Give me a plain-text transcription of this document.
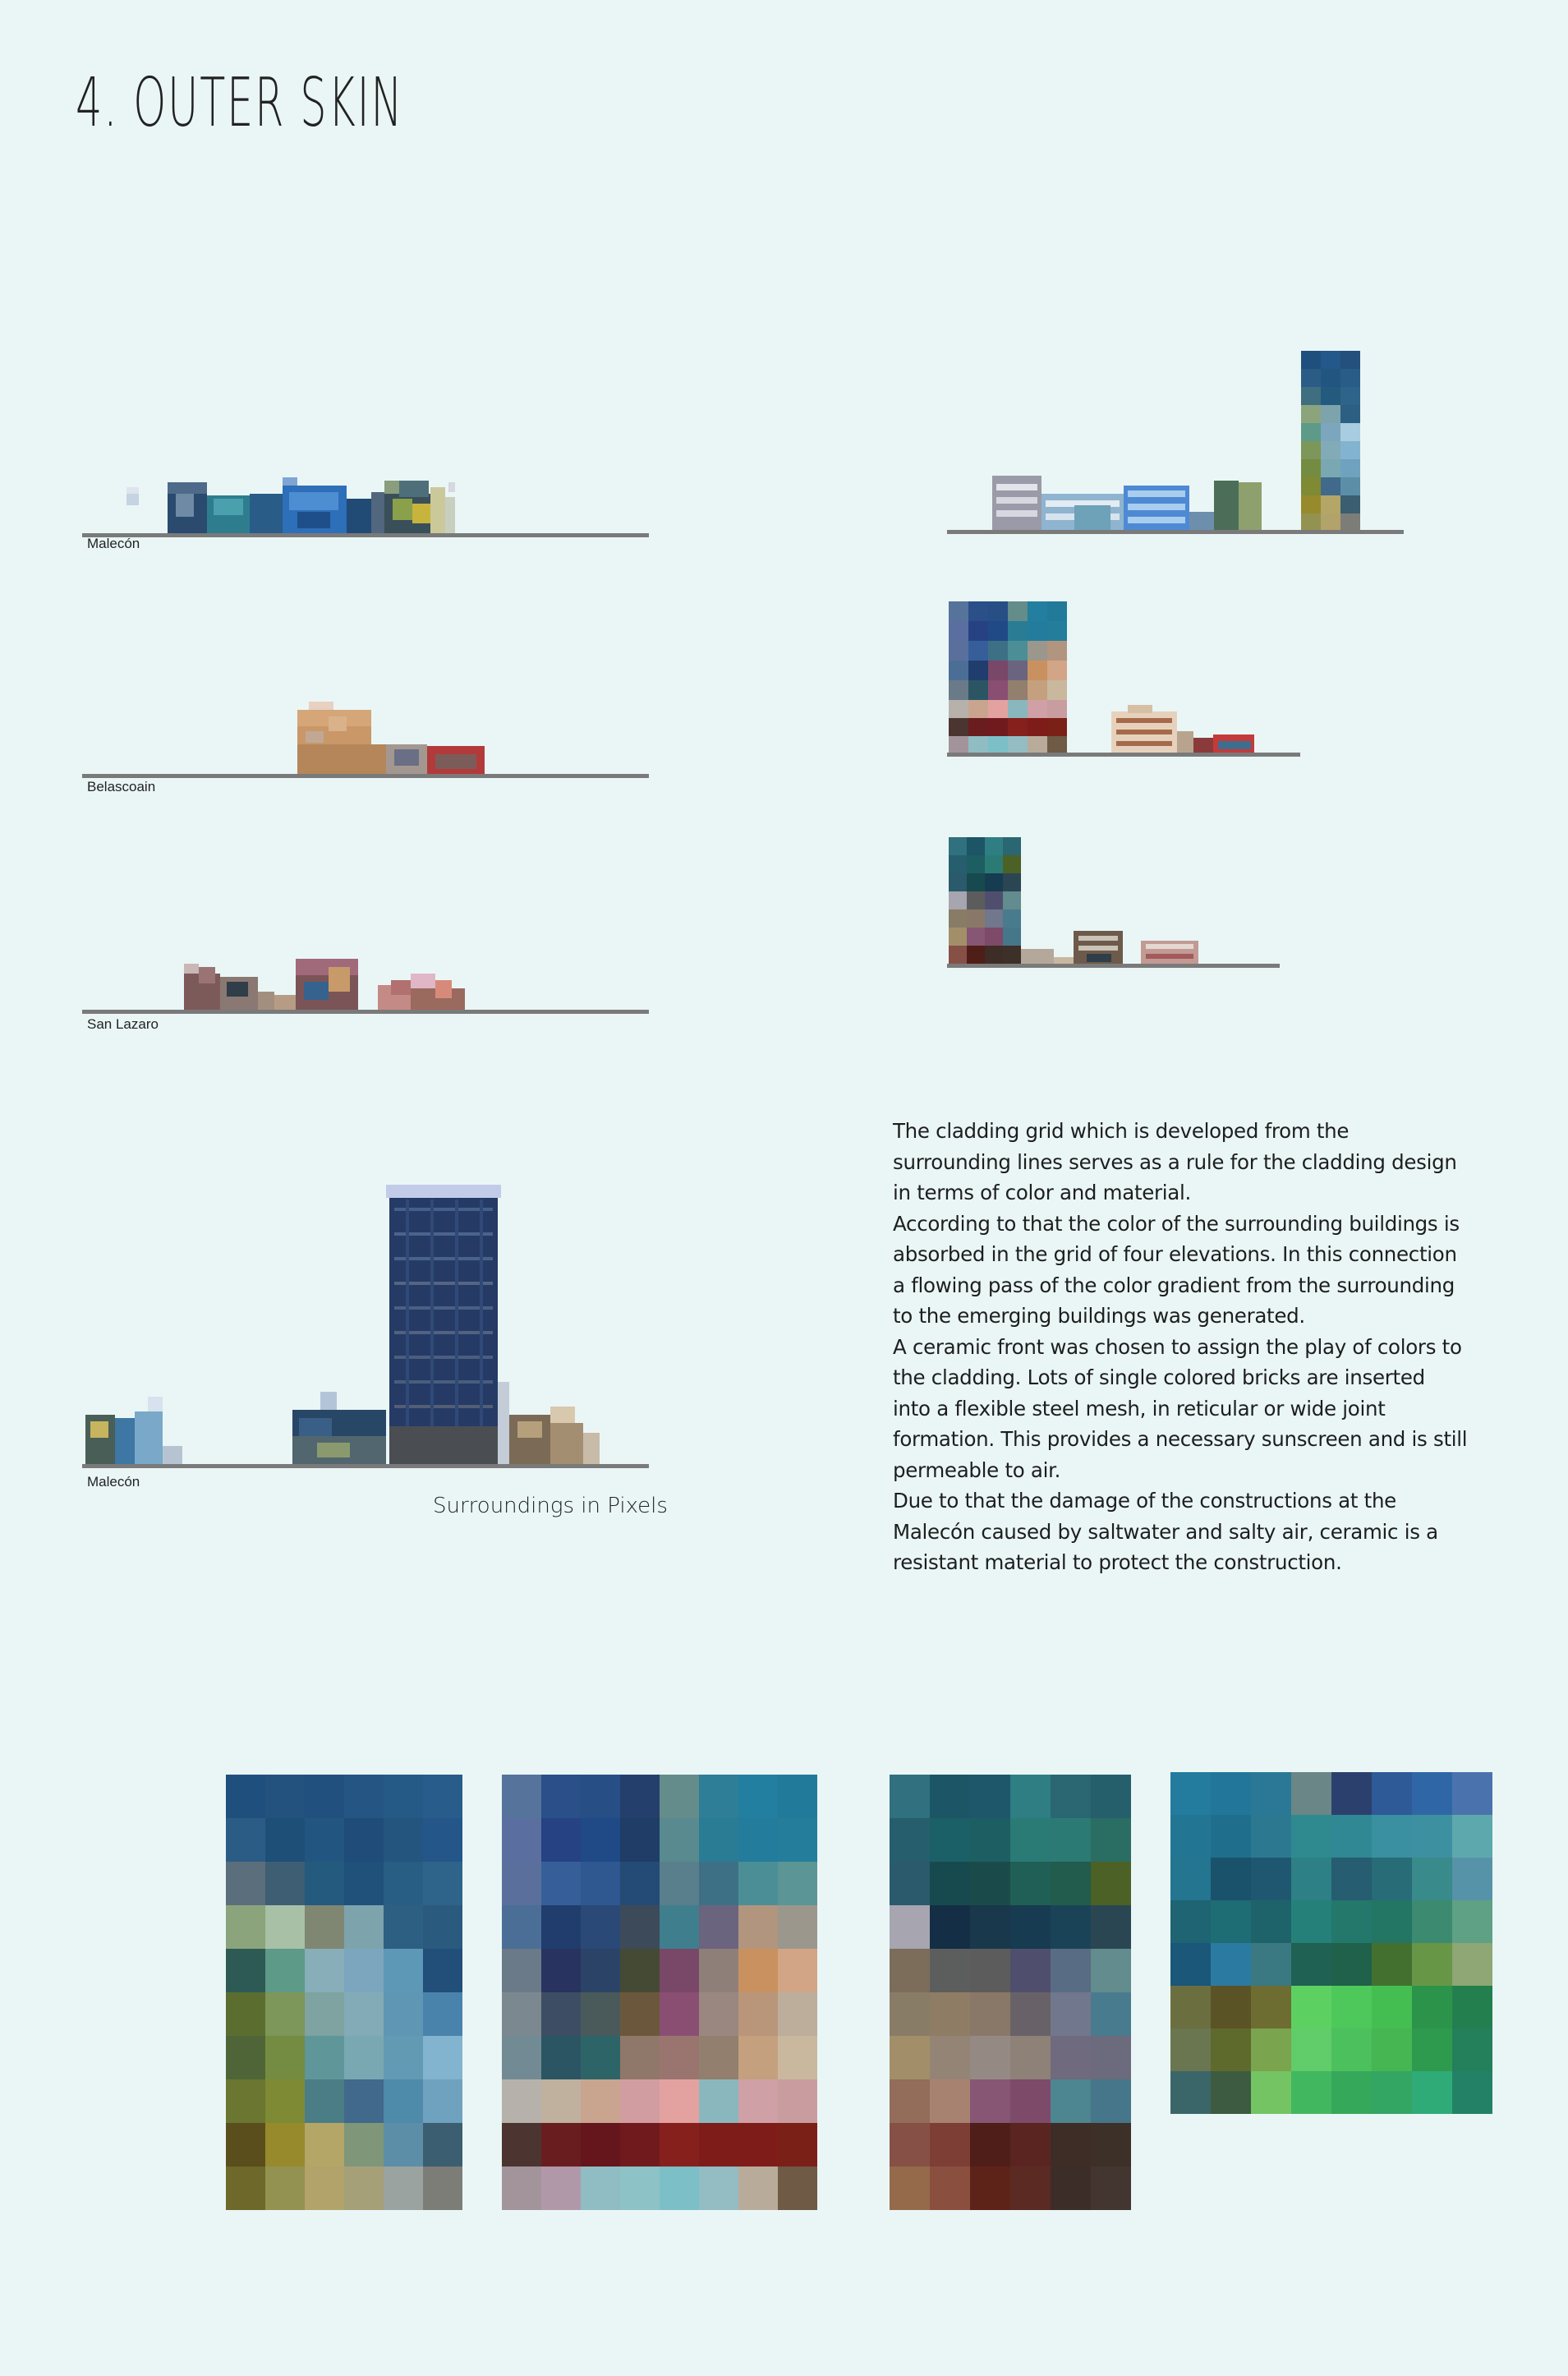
4. OUTER SKIN
Malecón
Belascoain
San Lazaro
Malecón
Surroundings in Pixels

The cladding grid which is developed from the surrounding lines serves as a rule for the cladding design in terms of color and material.

According to that the color of the surrounding buildings is absorbed in the grid of four elevations. In this connection a flowing pass of the color gradient from the surrounding to the emerging buildings was generated.

A ceramic front was chosen to assign the play of colors to the cladding. Lots of single colored bricks are inserted into a flexible steel mesh, in reticular or wide joint formation. This provides a necessary sunscreen and is still permeable to air.

Due to that the damage of the constructions at the Malecón caused by saltwater and salty air, ceramic is a resistant material to protect the construction.
